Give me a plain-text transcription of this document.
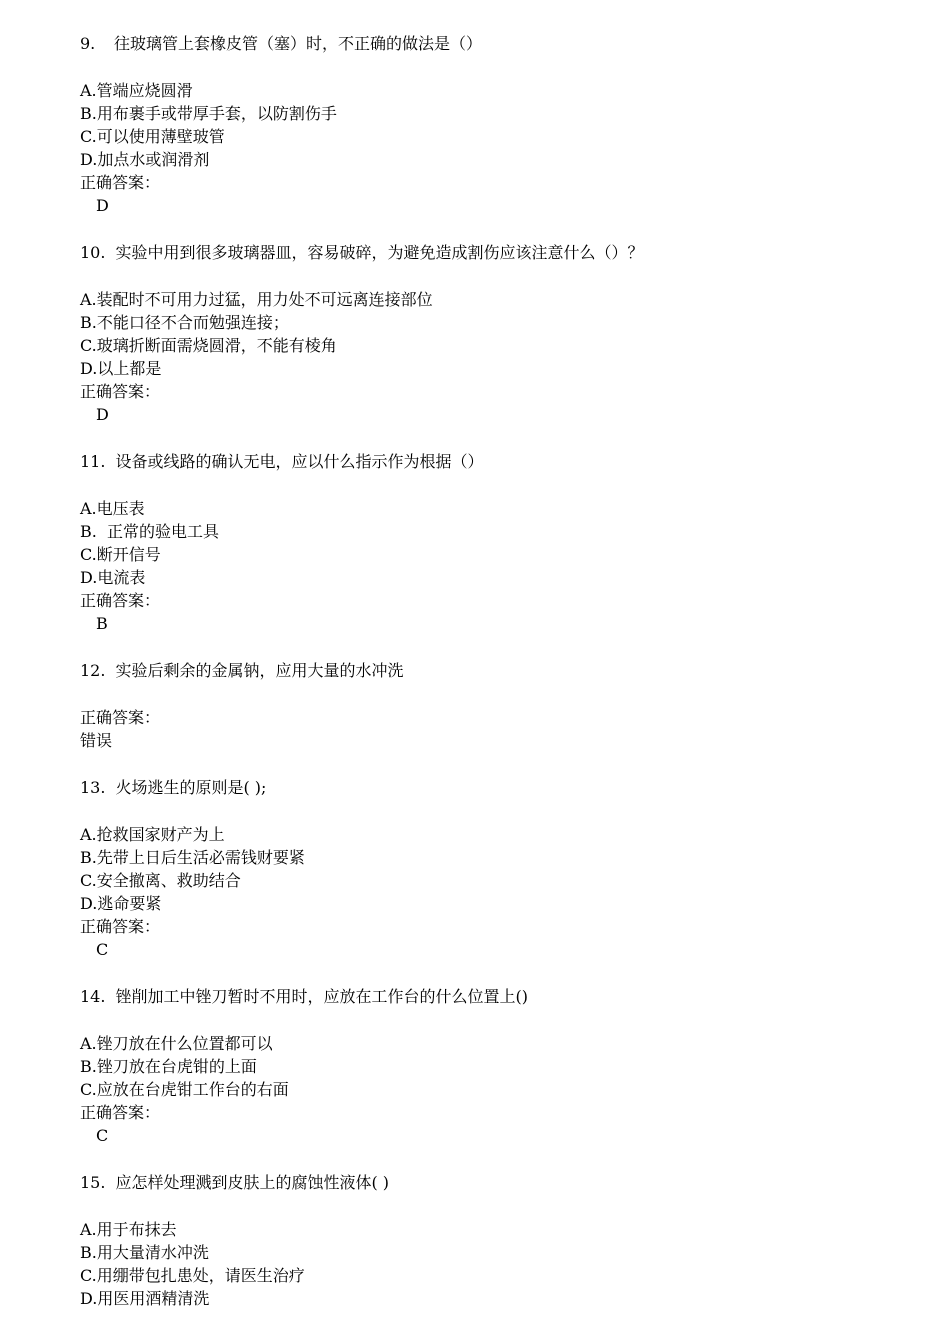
9.	往玻璃管上套橡皮管（塞）时，不正确的做法是（）
A.管端应烧圆滑
B.用布裹手或带厚手套，以防割伤手
C.可以使用薄壁玻管
D.加点水或润滑剂
正确答案：
D
10. 实验中用到很多玻璃器皿，容易破碎，为避免造成割伤应该注意什么（）？
A.装配时不可用力过猛，用力处不可远离连接部位
B.不能口径不合而勉强连接；
C.玻璃折断面需烧圆滑，不能有棱角
D.以上都是
正确答案：
D
11. 设备或线路的确认无电，应以什么指示作为根据（）
A.电压表
B.  正常的验电工具
C.断开信号
D.电流表
正确答案：
B
12. 实验后剩余的金属钠，应用大量的水冲洗
正确答案：
错误
13. 火场逃生的原则是( );
A.抢救国家财产为上
B.先带上日后生活必需钱财要紧
C.安全撤离、救助结合
D.逃命要紧
正确答案：
C
14. 锉削加工中锉刀暂时不用时，应放在工作台的什么位置上()
A.锉刀放在什么位置都可以
B.锉刀放在台虎钳的上面
C.应放在台虎钳工作台的右面
正确答案：
C
15. 应怎样处理溅到皮肤上的腐蚀性液体( )
A.用于布抹去
B.用大量清水冲洗
C.用绷带包扎患处，请医生治疗
D.用医用酒精清洗
